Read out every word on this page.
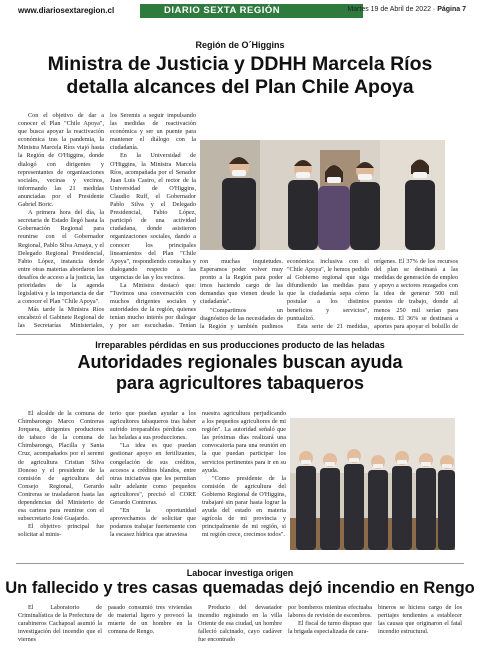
www.diariosextaregion.cl	DIARIO SEXTA REGIÓN	Martes 19 de Abril de 2022 · Página 7
Región de O´Higgins
Ministra de Justicia y DDHH Marcela Ríos
detalla alcances del Plan Chile Apoya

Con el objetivo de dar a conocer el Plan "Chile Apoya", que busca apoyar la reactivación económica tras la pandemia, la Ministra Marcela Ríos viajó hasta la Región de O'Higgins, donde dialogó con dirigentes y representantes de organizaciones sociales, vecinas y vecinos, informando las 21 medidas anunciadas por el Presidente Gabriel Boric.

A primera hora del día, la secretaria de Estado llegó hasta la Gobernación Regional para reunirse con el Gobernador Regional, Pablo Silva Amaya, y el Delegado Regional Presidencial, Fabio López, instancia donde entre otras materias abordaron los desafíos de acceso a la justicia, las prioridades de la agenda legislativa y la importancia de dar a conocer el Plan "Chile Apoya".

Más tarde la Ministra Ríos encabezó el Gabinete Regional de las Secretarías Ministeriales,

los Seremis a seguir impulsando las medidas de reactivación económica y ser un puente para mantener el diálogo con la ciudadanía.

En la Universidad de O'Higgins, la Ministra Marcela Ríos, acompañada por el Senador Juan Luis Castro, el rector de la Universidad de O'Higgins, Claudio Ruff, el Gobernador Pablo Silva y el Delegado Presidencial, Fabio López, participó de una actividad ciudadana, donde asistieron organizaciones sociales, dando a conocer los principales lineamientos del Plan "Chile Apoya", respondiendo consultas y dialogando respecto a las urgencias de las y los vecinos.

La Ministra destacó que: "Tuvimos una conversación con muchos dirigentes sociales y autoridades de la región, quienes tenían mucho interés por dialogar y por ser escuchadas. Tenían

ron muchas inquietudes. Esperamos poder volver muy pronto a la Región para poder irnos haciendo cargo de las demandas que vienen desde la ciudadanía".

"Compartimos un diagnóstico de las necesidades de la Región y también pudimos

económica inclusiva con el "Chile Apoya", le hemos pedido al Gobierno regional que siga difundiendo las medidas para que la ciudadanía sepa cómo postular a los distintos beneficios y servicios", puntualizó.

Esta serie de 21 medidas,

orígenes. El 37% de los recursos del plan se destinará a las medidas de generación de empleo y apoyo a sectores rezagados con la idea de generar 500 mil puestos de trabajo, donde al menos 250 mil serían para mujeres. El 36% se destinará a aportes para apoyar el bolsillo de

Irreparables pérdidas en sus producciones producto de las heladas
Autoridades regionales buscan ayuda
para agricultores tabaqueros

El alcalde de la comuna de Chimbarongo Marco Contreras Jorquera, dirigentes productores de tabaco de la comuna de Chimbarongo, Placilla y Santa Cruz, acompañados por el seremi de agricultura Cristian Silva Donoso y el presidente de la comisión de agricultura del Consejo Regional, Gerardo Contreras se trasladaron hasta las dependencias del Ministerio de esa cartera para reunirse con el subsecretario José Guajardo.

El objetivo principal fue solicitar al minis-

terio que puedan ayudar a los agricultores tabaqueros tras haber sufrido irreparables pérdidas con las heladas a sus producciones.

"La idea es que puedan gestionar apoyo en fertilizantes, congelación de sus créditos, accesos a créditos blandos, entre otras iniciativas que les permitan salir adelante como pequeños agricultores", precisó el CORE Gerardo Contreras.

"En la oportunidad aprovechamos de solicitar que podamos trabajar fuertemente con la escasez hídrica que atraviesa

nuestra agricultura perjudicando a los pequeños agricultores de mi región". La autoridad señaló que las próximas días realizará una convocatoria para una reunión en la que puedan participar los servicios pertinentes para ir en su ayuda.

"Como presidente de la comisión de agricultura del Gobierno Regional de O'Higgins, trabajaré sin parar hasta lograr la ayuda del estado en materia agrícola de mi provincia y principalmente de mi región, si mi región crece, crecimos todos".

Labocar investiga origen
Un fallecido y tres casas quemadas dejó incendio en Rengo

El Laboratorio de Criminalística de la Prefectura de carabineros Cachapoal asumió la investigación del incendio que el viernes

pasado consumió tres viviendas de material ligero y provocó la muerte de un hombre en la comuna de Rengo.

Producto del devastador incendio registrado en la villa Oriente de esa ciudad, un hombre falleció calcinado, cayo cadáver fue encontrado

por bomberos mientras efectuaba labores de revisión de escombros.

El fiscal de turno dispuso que la brigada especializada de cara-

bineros se hiciera cargo de los peritajes tendientes a establecer las causas que originaron el fatal incendio estructural.
